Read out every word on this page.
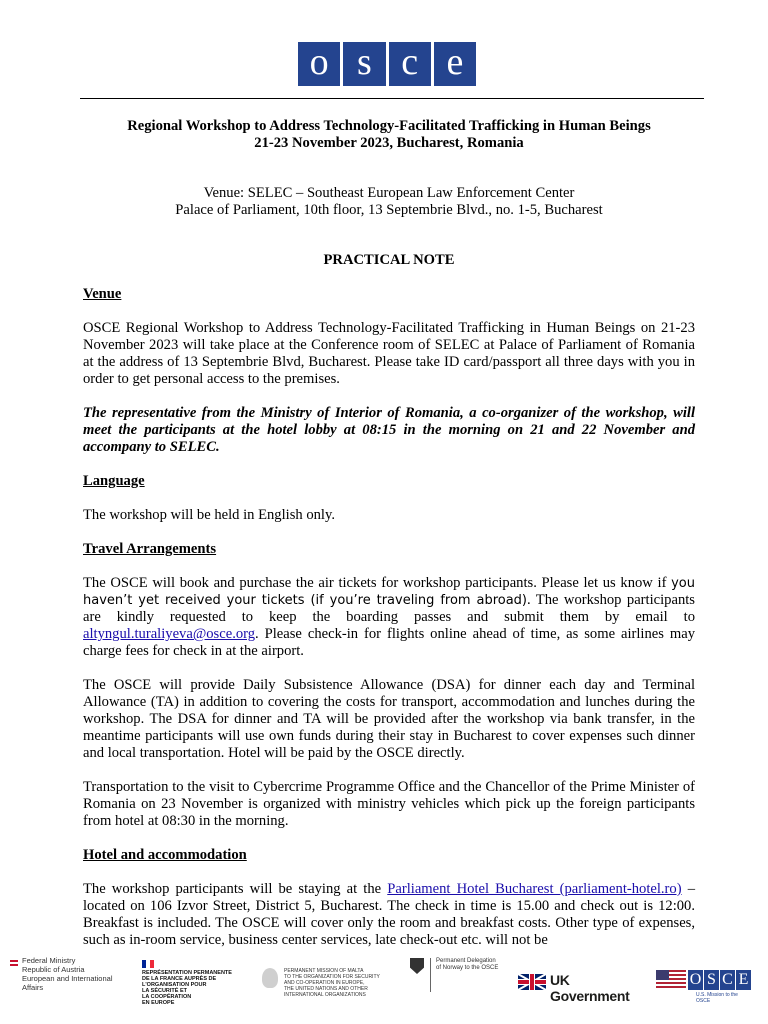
o s c e
Regional Workshop to Address Technology-Facilitated Trafficking in Human Beings
21-23 November 2023, Bucharest, Romania
Venue: SELEC – Southeast European Law Enforcement Center
Palace of Parliament, 10th floor, 13 Septembrie Blvd., no. 1-5, Bucharest
PRACTICAL NOTE
Venue

OSCE Regional Workshop to Address Technology-Facilitated Trafficking in Human Beings on 21-23 November 2023 will take place at the Conference room of SELEC at Palace of Parliament of Romania at the address of 13 Septembrie Blvd, Bucharest. Please take ID card/passport all three days with you in order to get personal access to the premises.

The representative from the Ministry of Interior of Romania, a co-organizer of the workshop, will meet the participants at the hotel lobby at 08:15 in the morning on 21 and 22 November and accompany to SELEC.

Language

The workshop will be held in English only.

Travel Arrangements

The OSCE will book and purchase the air tickets for workshop participants. Please let us know if you haven’t yet received your tickets (if you’re traveling from abroad). The workshop participants are kindly requested to keep the boarding passes and submit them by email to altyngul.turaliyeva@osce.org. Please check-in for flights online ahead of time, as some airlines may charge fees for check in at the airport.

The OSCE will provide Daily Subsistence Allowance (DSA) for dinner each day and Terminal Allowance (TA) in addition to covering the costs for transport, accommodation and lunches during the workshop. The DSA for dinner and TA will be provided after the workshop via bank transfer, in the meantime participants will use own funds during their stay in Bucharest to cover expenses such dinner and local transportation. Hotel will be paid by the OSCE directly.

Transportation to the visit to Cybercrime Programme Office and the Chancellor of the Prime Minister of Romania on 23 November is organized with ministry vehicles which pick up the foreign participants from hotel at 08:30 in the morning.

Hotel and accommodation

The workshop participants will be staying at the Parliament Hotel Bucharest (parliament-hotel.ro) – located on 106 Izvor Street, District 5, Bucharest. The check in time is 15.00 and check out is 12:00. Breakfast is included. The OSCE will cover only the room and breakfast costs. Other type of expenses, such as in-room service, business center services, late check-out etc. will not be

Federal Ministry
Republic of Austria
European and International
Affairs
REPRÉSENTATION PERMANENTE
DE LA FRANCE AUPRÈS DE
L'ORGANISATION POUR
LA SÉCURITÉ ET
LA COOPÉRATION
EN EUROPE
PERMANENT MISSION OF MALTA
TO THE ORGANIZATION FOR SECURITY
AND CO-OPERATION IN EUROPE,
THE UNITED NATIONS AND OTHER
INTERNATIONAL ORGANIZATIONS
Permanent Delegation
of Norway to the OSCE
UK Government
O S C E
U.S. Mission to the OSCE
